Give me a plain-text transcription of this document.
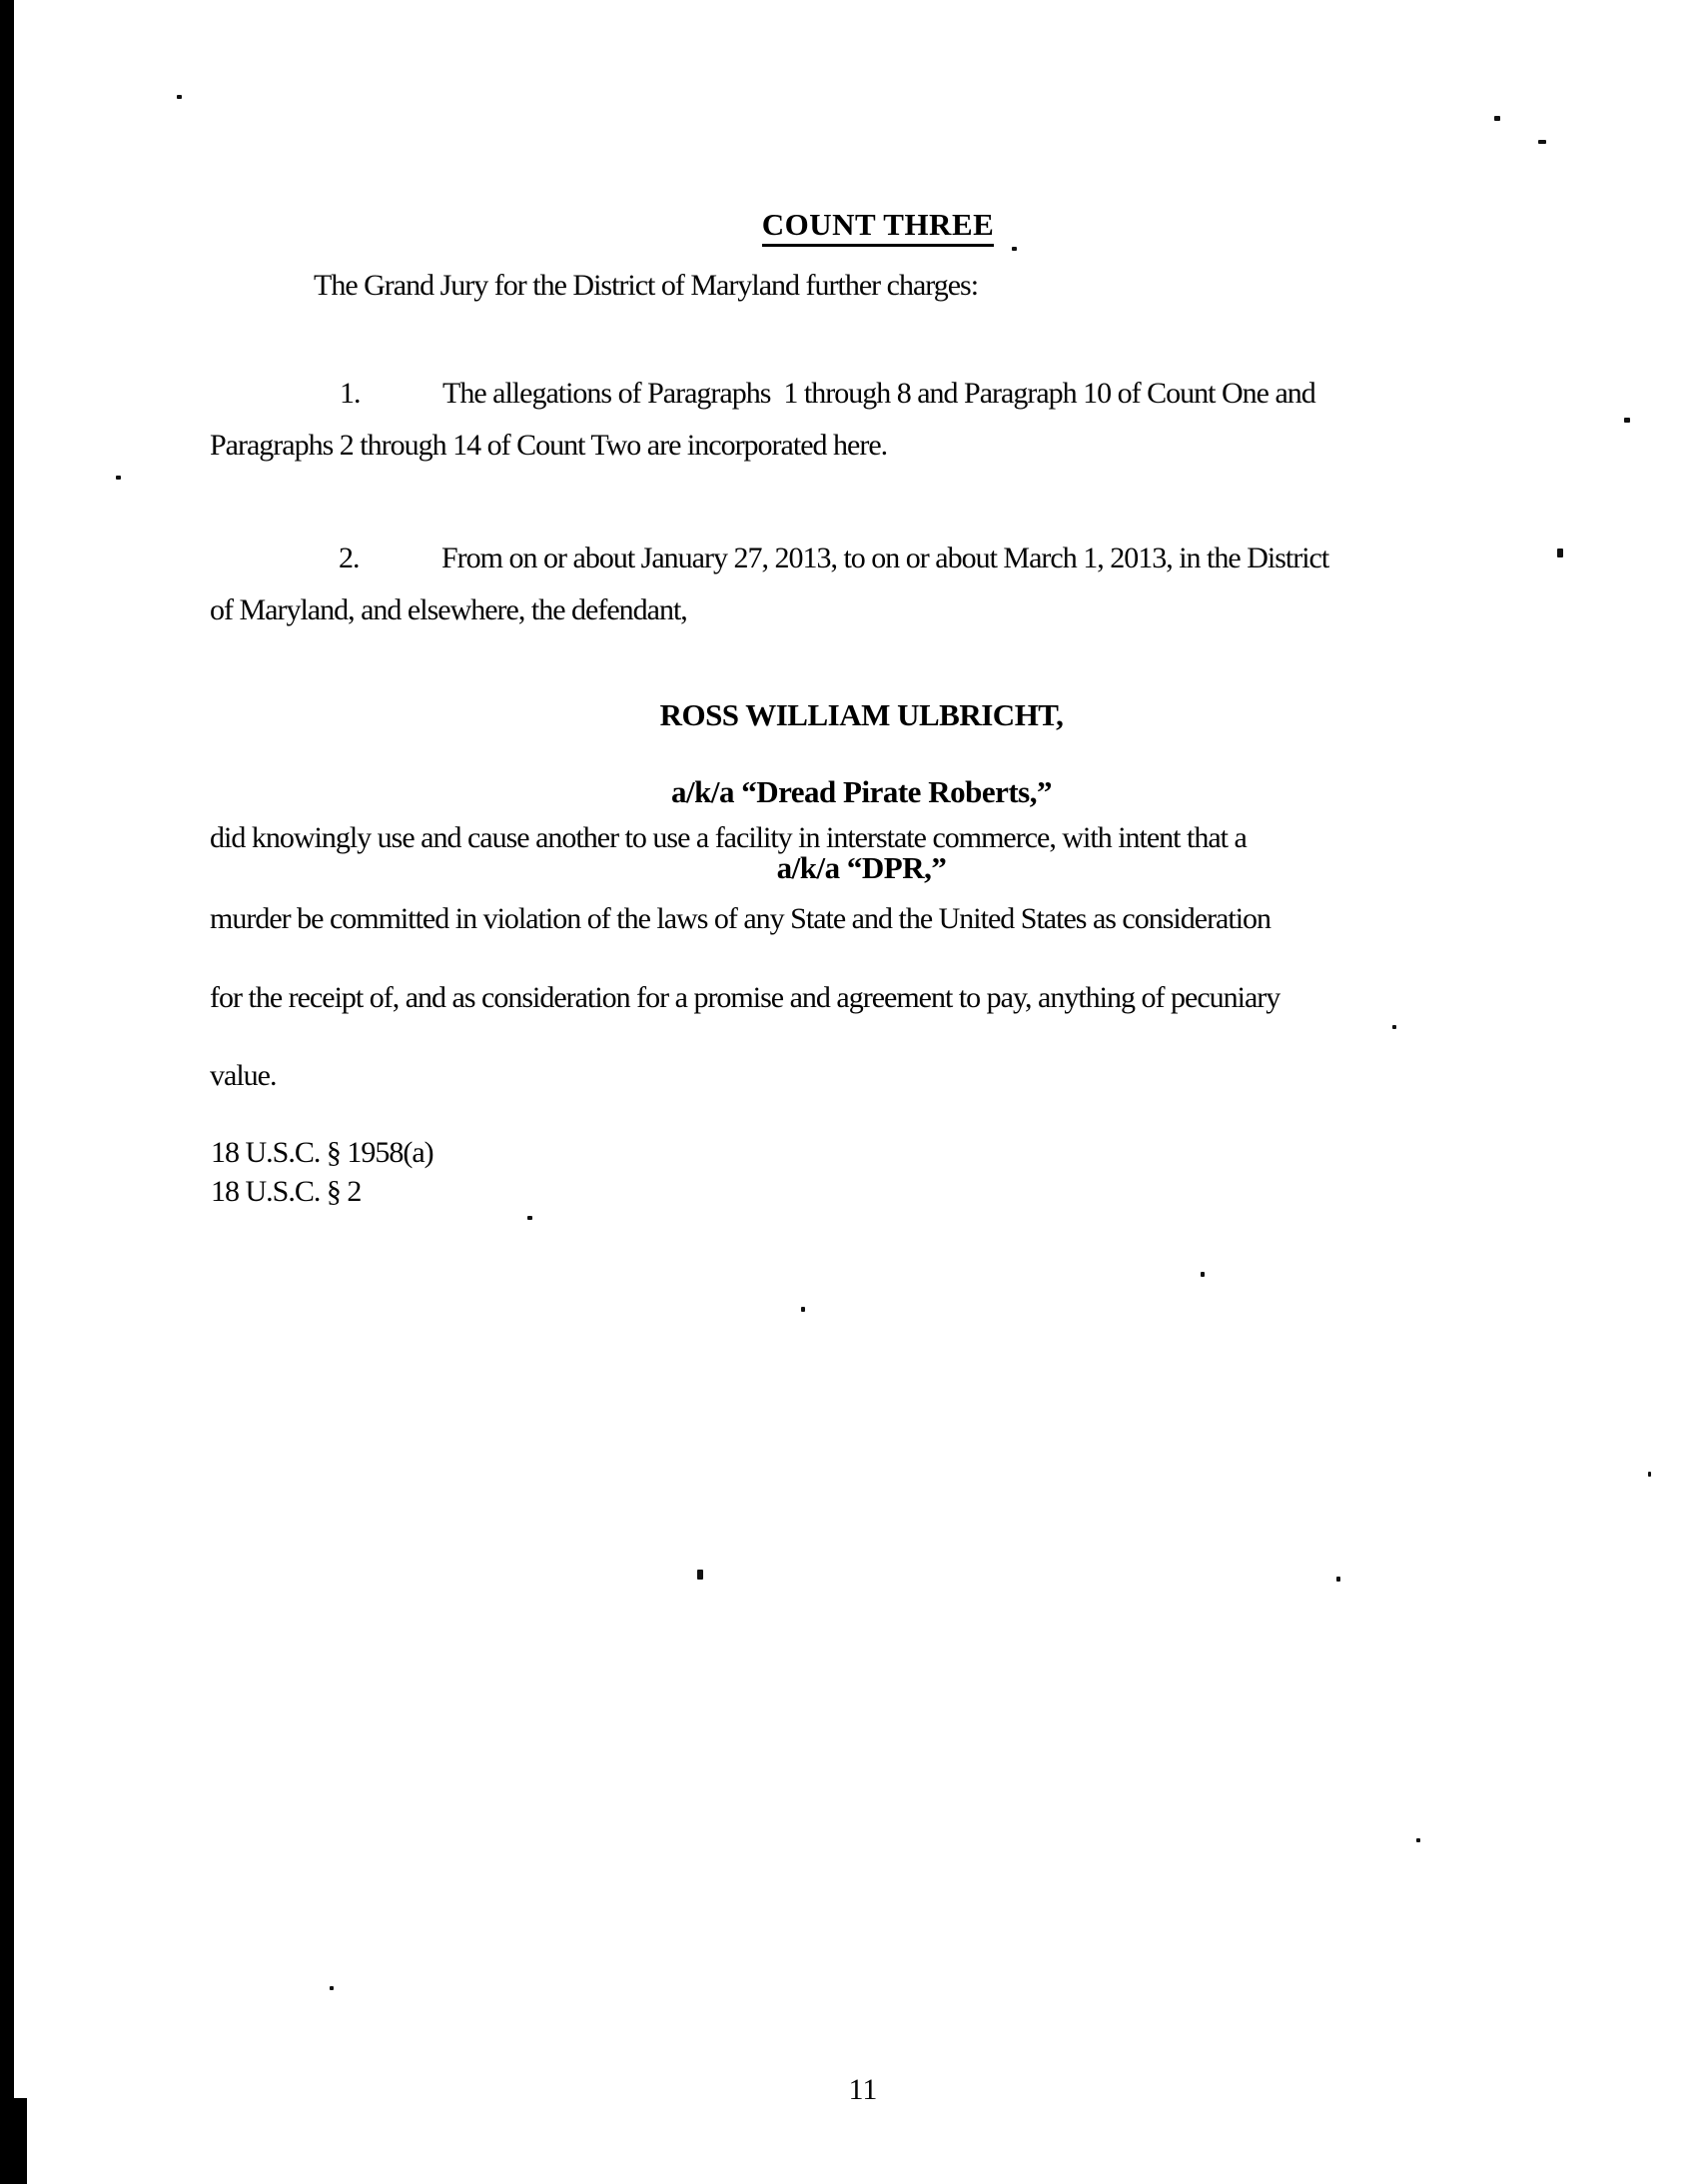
COUNT THREE

The Grand Jury for the District of Maryland further charges:

1.	The allegations of Paragraphs  1 through 8 and Paragraph 10 of Count One and

Paragraphs 2 through 14 of Count Two are incorporated here.

2.	From on or about January 27, 2013, to on or about March 1, 2013, in the District

of Maryland, and elsewhere, the defendant,

ROSS WILLIAM ULBRICHT,

a/k/a “Dread Pirate Roberts,”

a/k/a “DPR,”

did knowingly use and cause another to use a facility in interstate commerce, with intent that a
murder be committed in violation of the laws of any State and the United States as consideration
for the receipt of, and as consideration for a promise and agreement to pay, anything of pecuniary
value.
18 U.S.C. § 1958(a)
18 U.S.C. § 2

11
